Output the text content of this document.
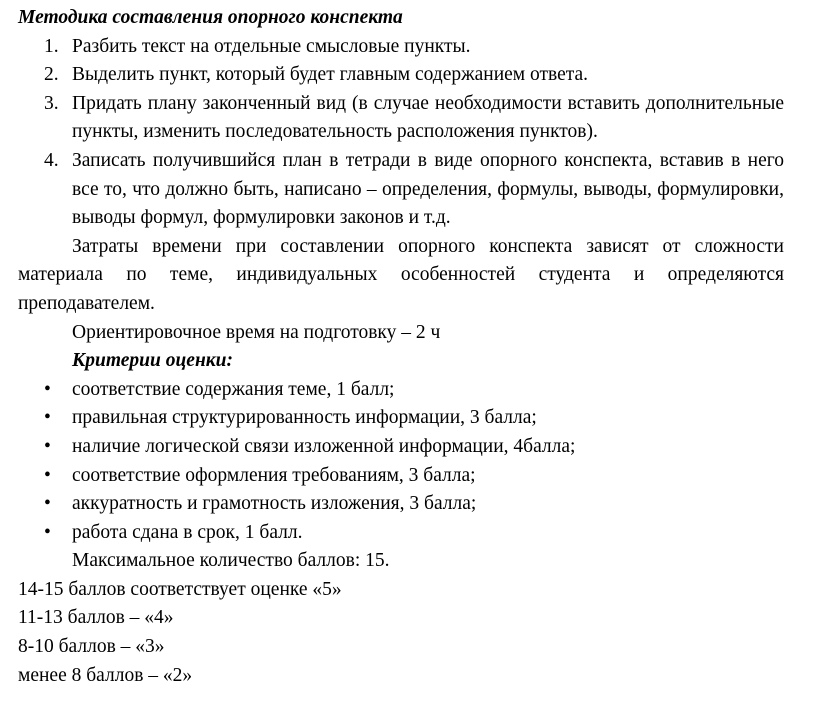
Методика составления опорного конспекта
1. Разбить текст на отдельные смысловые пункты.
2. Выделить пункт, который будет главным содержанием ответа.
3. Придать плану законченный вид (в случае необходимости вставить дополнительные пункты, изменить последовательность расположения пунктов).
4. Записать получившийся план в тетради в виде опорного конспекта, вставив в него все то, что должно быть, написано – определения, формулы, выводы, формулировки, выводы формул, формулировки законов и т.д.
Затраты времени при составлении опорного конспекта зависят от сложности материала по теме, индивидуальных особенностей студента и определяются преподавателем.
Ориентировочное время на подготовку – 2 ч
Критерии оценки:
• соответствие содержания теме, 1 балл;
• правильная структурированность информации, 3 балла;
• наличие логической связи изложенной информации, 4балла;
• соответствие оформления требованиям, 3 балла;
• аккуратность и грамотность изложения, 3 балла;
• работа сдана в срок, 1 балл.
Максимальное количество баллов: 15.
14-15 баллов соответствует оценке «5»
11-13 баллов – «4»
8-10 баллов – «3»
менее 8 баллов – «2»
